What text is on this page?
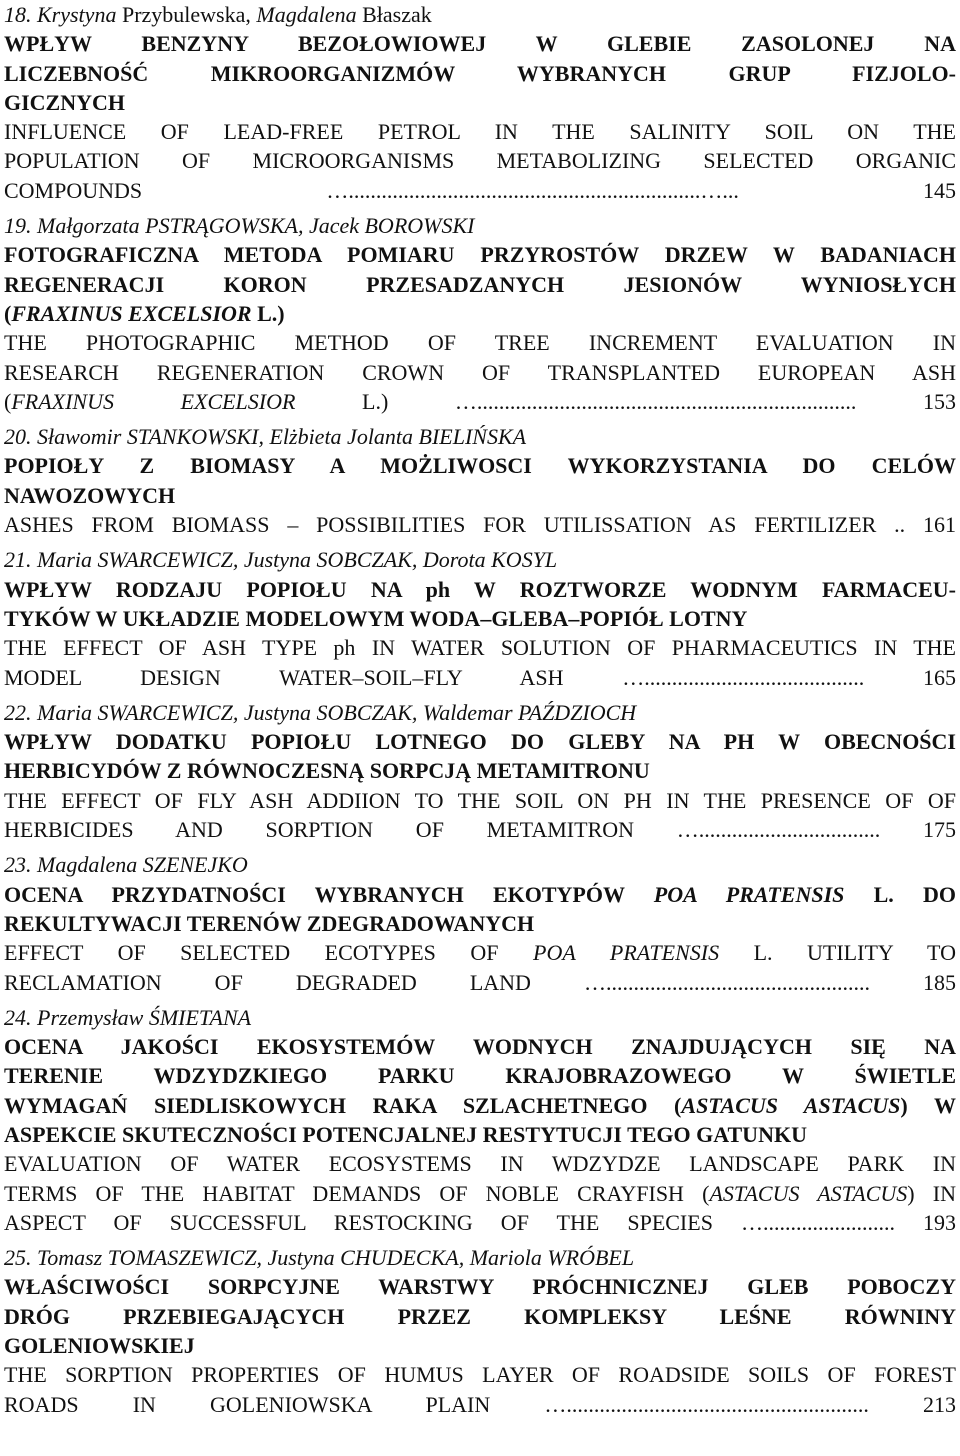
18. Krystyna Przybulewska, Magdalena Błaszak
WPŁYW BENZYNY BEZOŁOWIOWEJ W GLEBIE ZASOLONEJ NA
LICZEBNOŚĆ MIKROORGANIZMÓW WYBRANYCH GRUP FIZJOLO-
GICZNYCH
INFLUENCE OF LEAD-FREE PETROL IN THE SALINITY SOIL ON THE
POPULATION OF MICROORGANISMS METABOLIZING SELECTED ORGANIC
COMPOUNDS …................................................................…... 145
19. Małgorzata PSTRĄGOWSKA, Jacek BOROWSKI
FOTOGRAFICZNA METODA POMIARU PRZYROSTÓW DRZEW W BADANIACH
REGENERACJI KORON PRZESADZANYCH JESIONÓW WYNIOSŁYCH
(FRAXINUS EXCELSIOR L.)
THE PHOTOGRAPHIC METHOD OF TREE INCREMENT EVALUATION IN
RESEARCH REGENERATION CROWN OF TRANSPLANTED EUROPEAN ASH
(FRAXINUS EXCELSIOR L.) …..................................................................... 153
20. Sławomir STANKOWSKI, Elżbieta Jolanta BIELIŃSKA
POPIOŁY Z BIOMASY A MOŻLIWOSCI WYKORZYSTANIA DO CELÓW
NAWOZOWYCH
ASHES FROM BIOMASS – POSSIBILITIES FOR UTILISSATION AS FERTILIZER .. 161
21. Maria SWARCEWICZ, Justyna SOBCZAK, Dorota KOSYL
WPŁYW RODZAJU POPIOŁU NA ph W ROZTWORZE WODNYM FARMACEU-
TYKÓW W UKŁADZIE MODELOWYM WODA–GLEBA–POPIÓŁ LOTNY
THE EFFECT OF ASH TYPE ph IN WATER SOLUTION OF PHARMACEUTICS IN THE
MODEL DESIGN WATER–SOIL–FLY ASH …........................................ 165
22. Maria SWARCEWICZ, Justyna SOBCZAK, Waldemar PAŹDZIOCH
WPŁYW DODATKU POPIOŁU LOTNEGO DO GLEBY NA PH W OBECNOŚCI
HERBICYDÓW Z RÓWNOCZESNĄ SORPCJĄ METAMITRONU
THE EFFECT OF FLY ASH ADDIION TO THE SOIL ON PH IN THE PRESENCE OF OF
HERBICIDES AND SORPTION OF METAMITRON …................................. 175
23. Magdalena SZENEJKO
OCENA PRZYDATNOŚCI WYBRANYCH EKOTYPÓW POA PRATENSIS L. DO
REKULTYWACJI TERENÓW ZDEGRADOWANYCH
EFFECT OF SELECTED ECOTYPES OF POA PRATENSIS L. UTILITY TO
RECLAMATION OF DEGRADED LAND …................................................ 185
24. Przemysław ŚMIETANA
OCENA JAKOŚCI EKOSYSTEMÓW WODNYCH ZNAJDUJĄCYCH SIĘ NA
TERENIE WDZYDZKIEGO PARKU KRAJOBRAZOWEGO W ŚWIETLE
WYMAGAŃ SIEDLISKOWYCH RAKA SZLACHETNEGO (ASTACUS ASTACUS) W
ASPEKCIE SKUTECZNOŚCI POTENCJALNEJ RESTYTUCJI TEGO GATUNKU
EVALUATION OF WATER ECOSYSTEMS IN WDZYDZE LANDSCAPE PARK IN
TERMS OF THE HABITAT DEMANDS OF NOBLE CRAYFISH (ASTACUS ASTACUS) IN
ASPECT OF SUCCESSFUL RESTOCKING OF THE SPECIES …........................ 193
25. Tomasz TOMASZEWICZ, Justyna CHUDECKA, Mariola WRÓBEL
WŁAŚCIWOŚCI SORPCYJNE WARSTWY PRÓCHNICZNEJ GLEB POBOCZY
DRÓG PRZEBIEGAJĄCYCH PRZEZ KOMPLEKSY LEŚNE RÓWNINY
GOLENIOWSKIEJ
THE SORPTION PROPERTIES OF HUMUS LAYER OF ROADSIDE SOILS OF FOREST
ROADS IN GOLENIOWSKA PLAIN …....................................................... 213
